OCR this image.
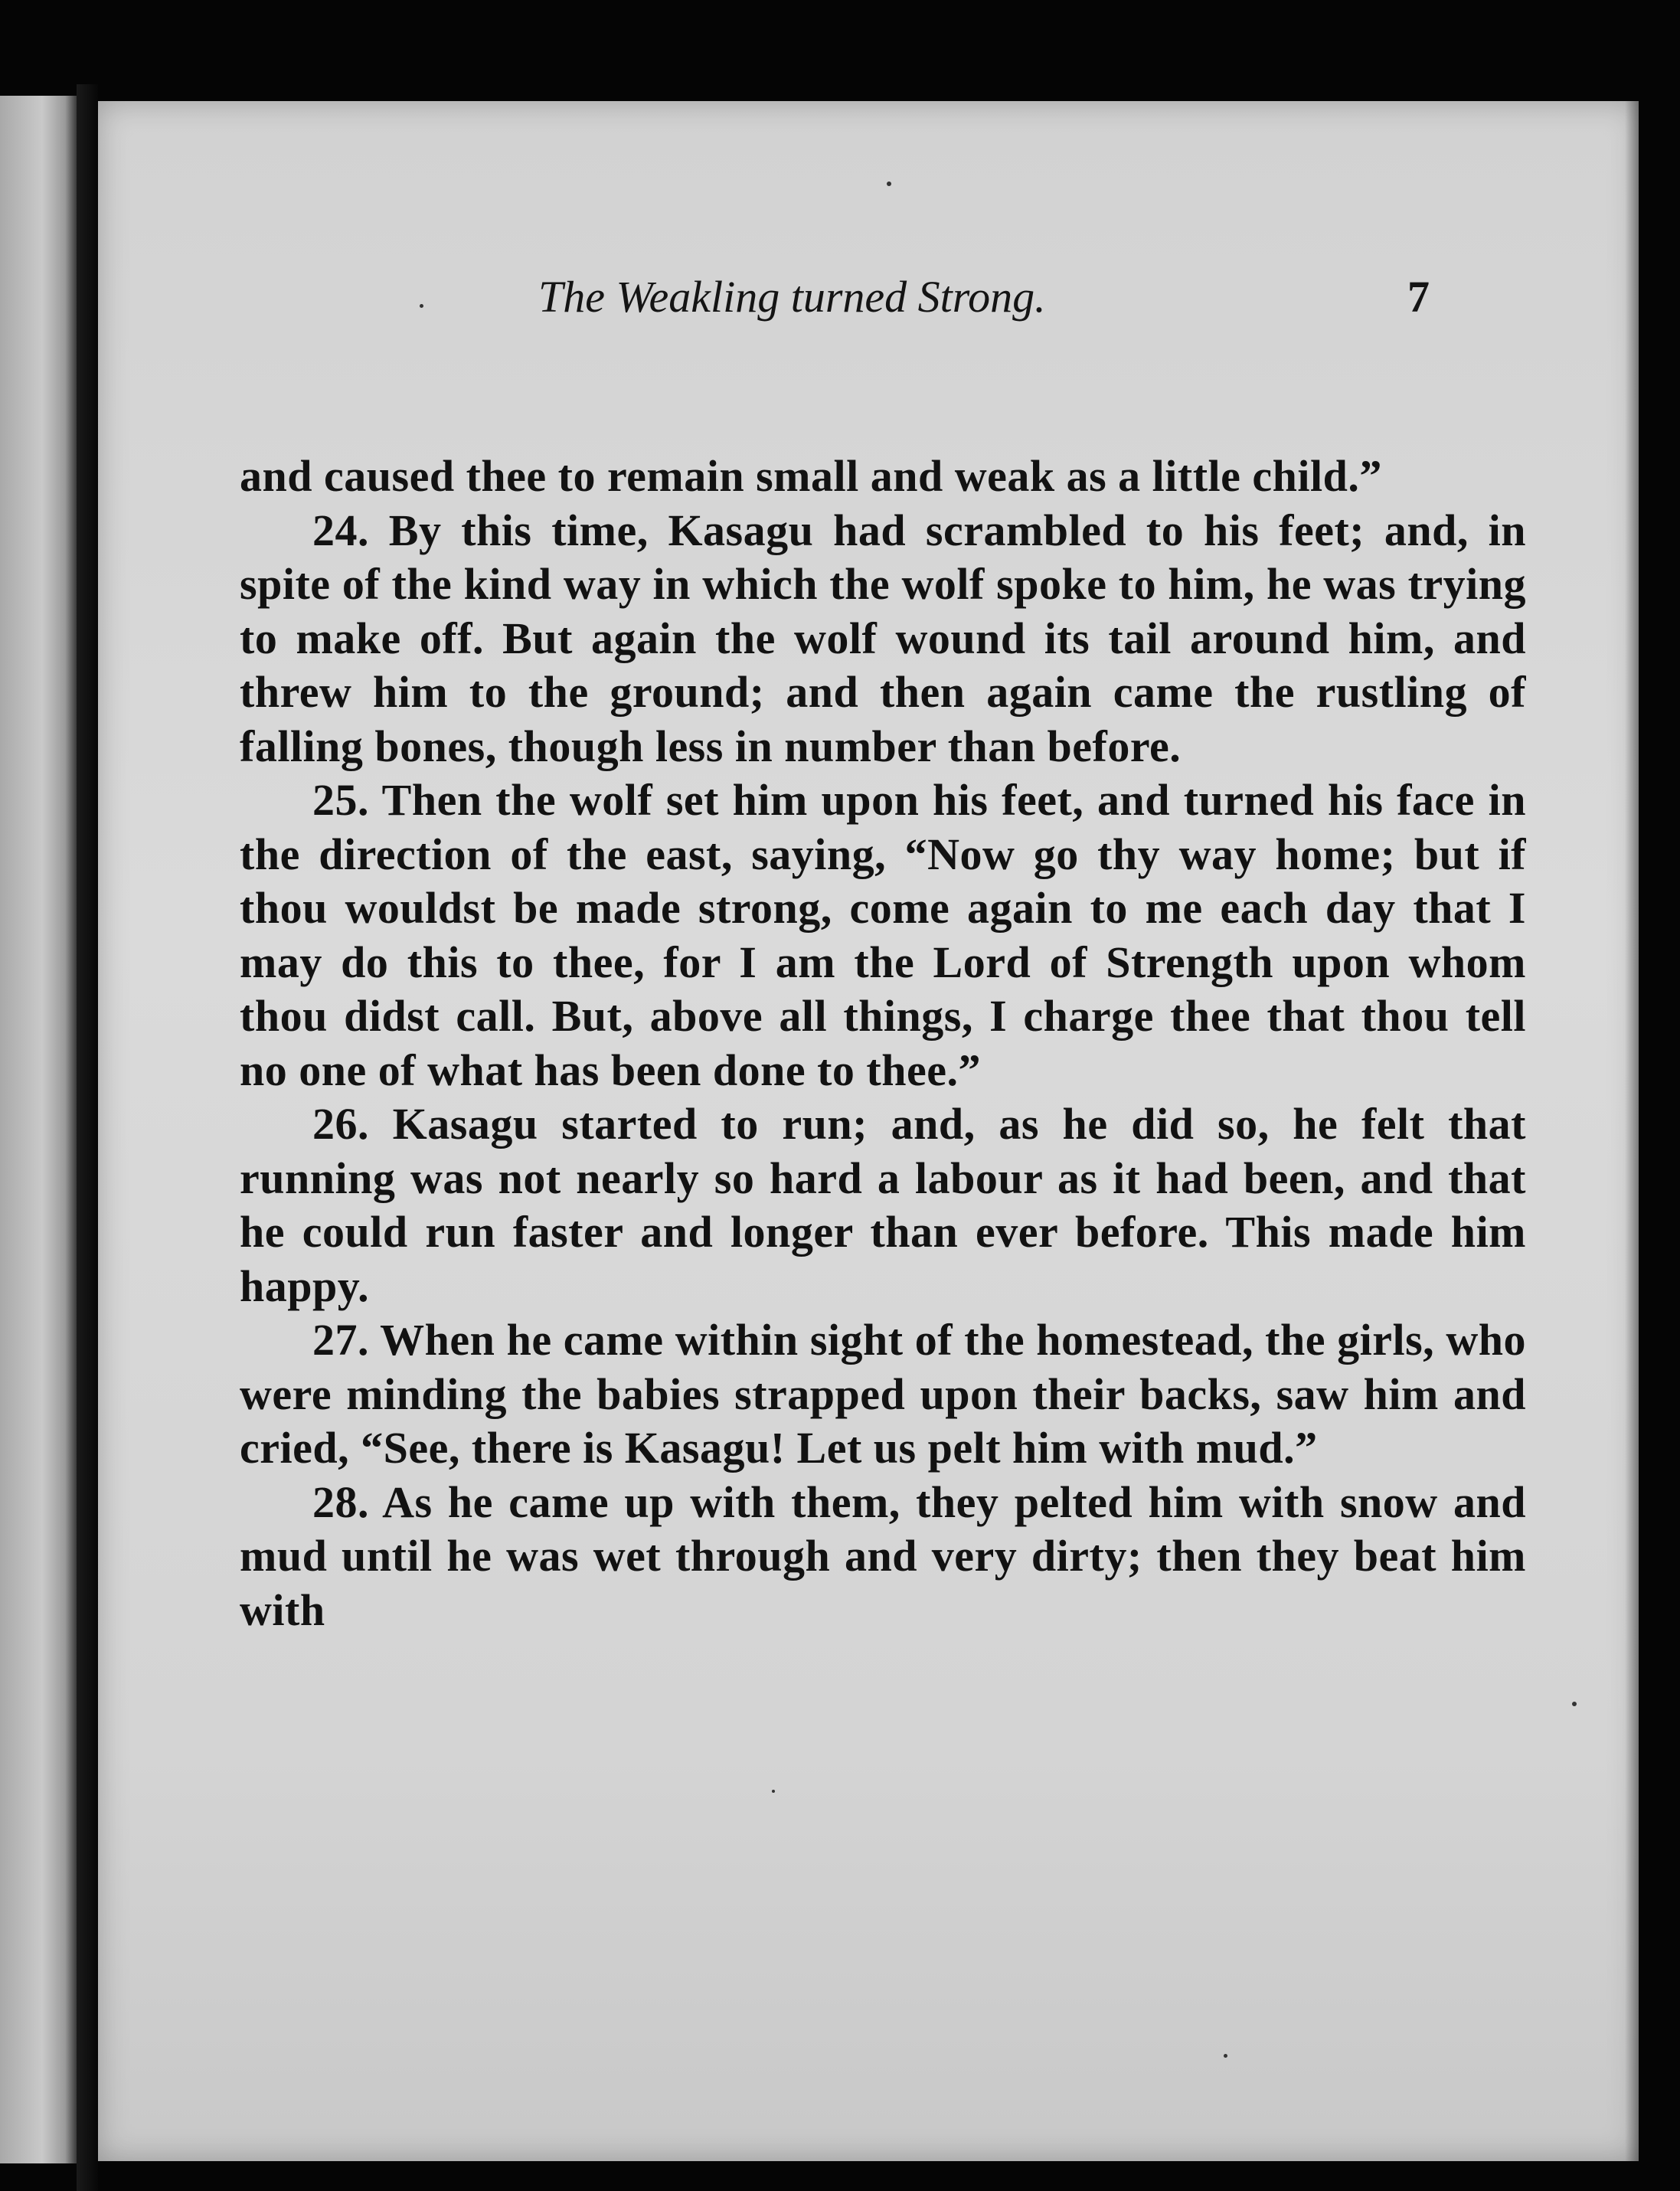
The Weakling turned Strong.	7

and caused thee to remain small and weak as a little child.”

24. By this time, Kasagu had scrambled to his feet; and, in spite of the kind way in which the wolf spoke to him, he was trying to make off. But again the wolf wound its tail around him, and threw him to the ground; and then again came the rustling of falling bones, though less in number than before.

25. Then the wolf set him upon his feet, and turned his face in the direction of the east, saying, “Now go thy way home; but if thou wouldst be made strong, come again to me each day that I may do this to thee, for I am the Lord of Strength upon whom thou didst call. But, above all things, I charge thee that thou tell no one of what has been done to thee.”

26. Kasagu started to run; and, as he did so, he felt that running was not nearly so hard a labour as it had been, and that he could run faster and longer than ever before. This made him happy.

27. When he came within sight of the homestead, the girls, who were minding the babies strapped upon their backs, saw him and cried, “See, there is Kasagu! Let us pelt him with mud.”

28. As he came up with them, they pelted him with snow and mud until he was wet through and very dirty; then they beat him with
